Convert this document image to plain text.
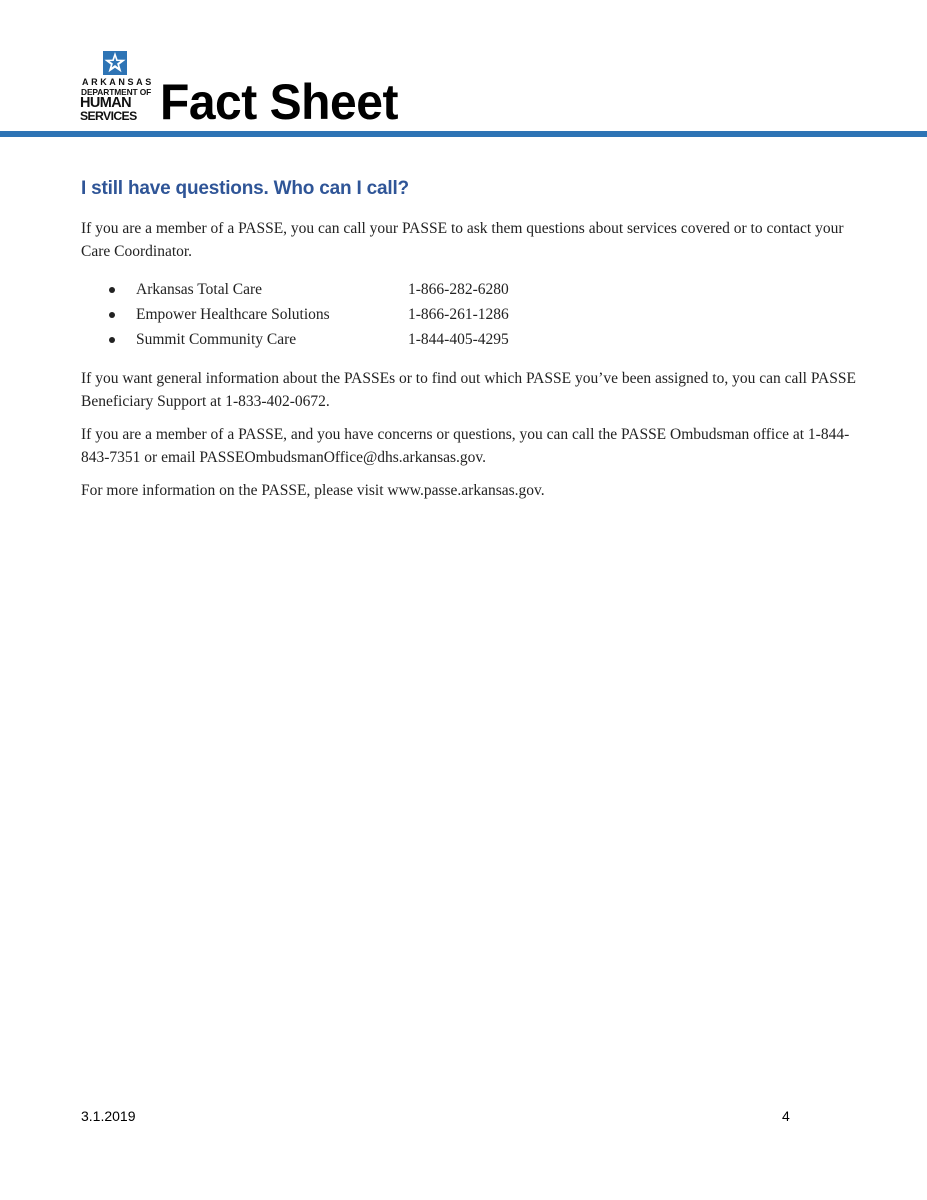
ARKANSAS
DEPARTMENT OF
HUMAN
SERVICES Fact Sheet
I still have questions. Who can I call?

If you are a member of a PASSE, you can call your PASSE to ask them questions about services covered or to contact your Care Coordinator.

Arkansas Total Care	1-866-282-6280
Empower Healthcare Solutions	1-866-261-1286
Summit Community Care	1-844-405-4295

If you want general information about the PASSEs or to find out which PASSE you’ve been assigned to, you can call PASSE Beneficiary Support at 1-833-402-0672.

If you are a member of a PASSE, and you have concerns or questions, you can call the PASSE Ombudsman office at 1-844-843-7351 or email PASSEOmbudsmanOffice@dhs.arkansas.gov.

For more information on the PASSE, please visit www.passe.arkansas.gov.

3.1.2019	4
